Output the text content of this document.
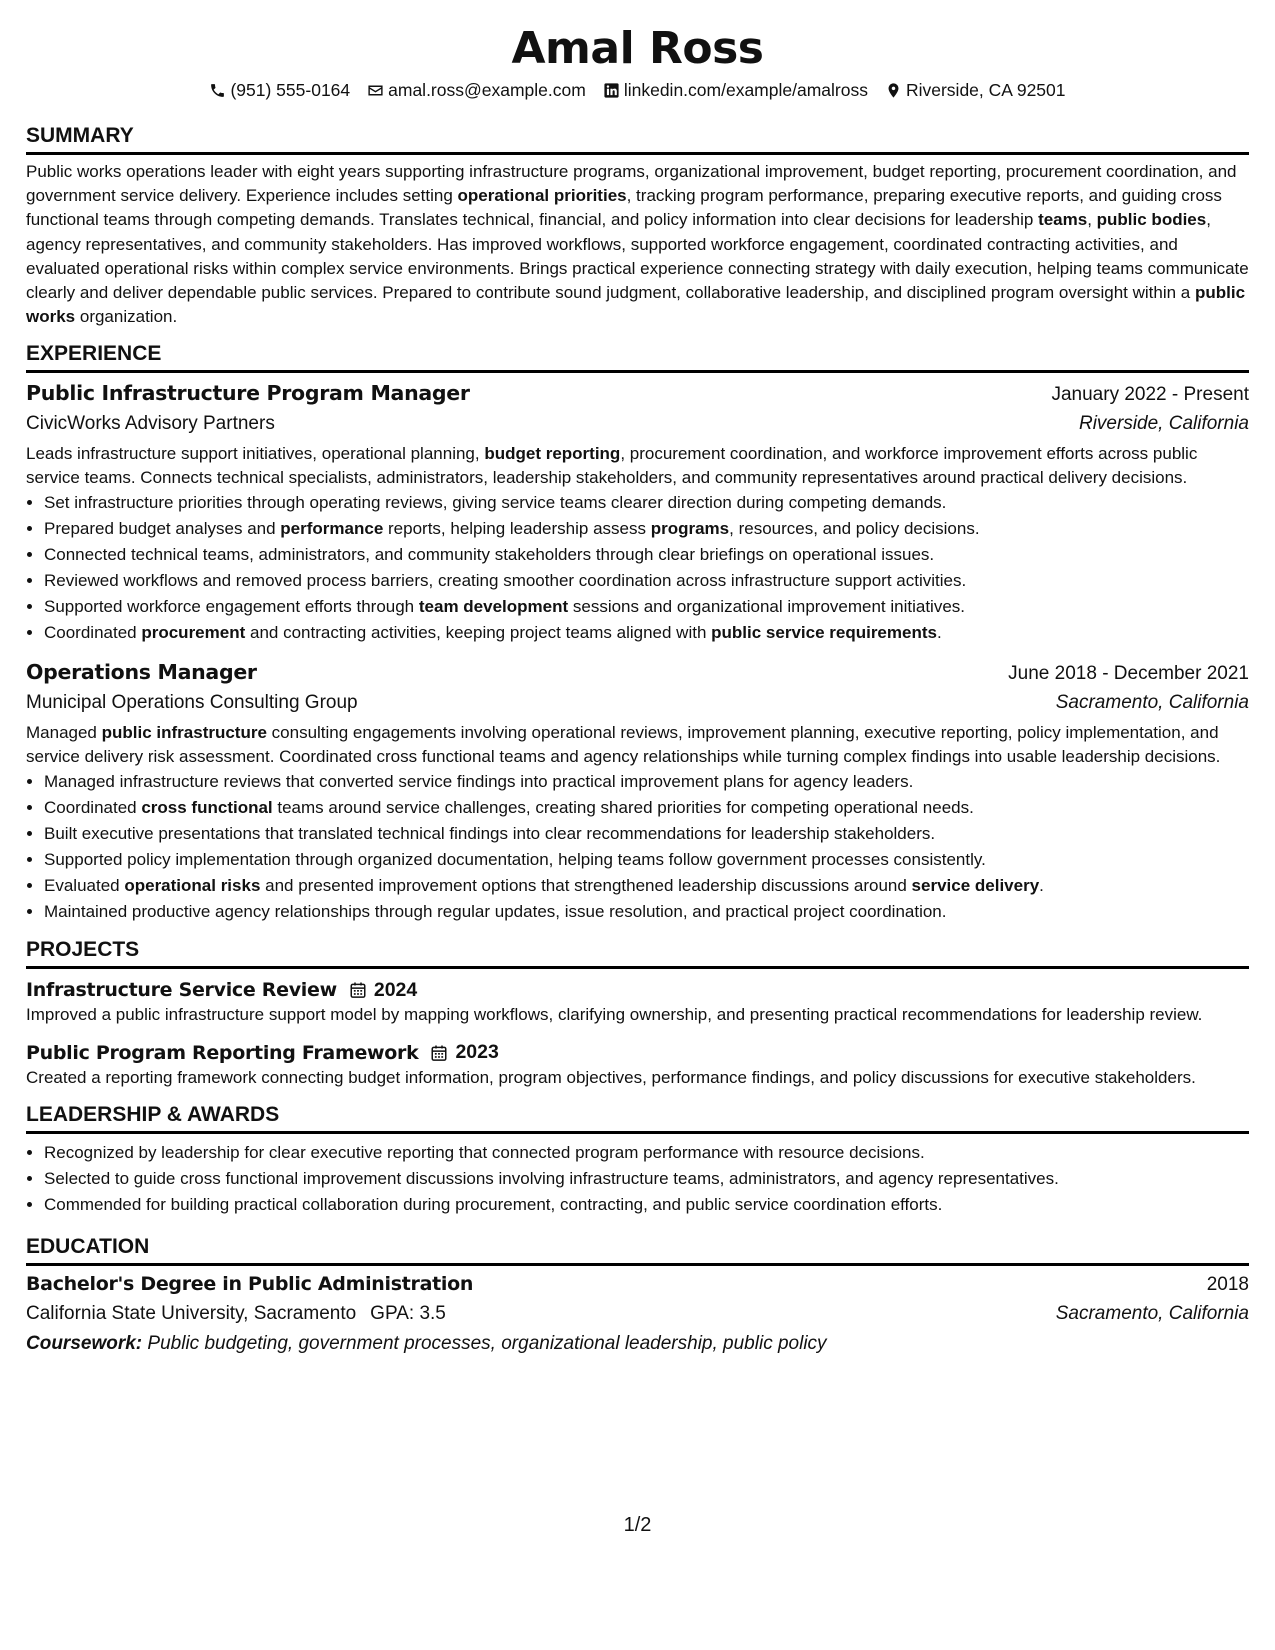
Amal Ross
(951) 555-0164 amal.ross@example.com linkedin.com/example/amalross Riverside, CA 92501
SUMMARY
Public works operations leader with eight years supporting infrastructure programs, organizational improvement, budget reporting, procurement coordination, and government service delivery. Experience includes setting operational priorities, tracking program performance, preparing executive reports, and guiding cross functional teams through competing demands. Translates technical, financial, and policy information into clear decisions for leadership teams, public bodies, agency representatives, and community stakeholders. Has improved workflows, supported workforce engagement, coordinated contracting activities, and evaluated operational risks within complex service environments. Brings practical experience connecting strategy with daily execution, helping teams communicate clearly and deliver dependable public services. Prepared to contribute sound judgment, collaborative leadership, and disciplined program oversight within a public works organization.
EXPERIENCE
Public Infrastructure Program Manager	January 2022 - Present
CivicWorks Advisory Partners	Riverside, California
Leads infrastructure support initiatives, operational planning, budget reporting, procurement coordination, and workforce improvement efforts across public service teams. Connects technical specialists, administrators, leadership stakeholders, and community representatives around practical delivery decisions.
• Set infrastructure priorities through operating reviews, giving service teams clearer direction during competing demands.
• Prepared budget analyses and performance reports, helping leadership assess programs, resources, and policy decisions.
• Connected technical teams, administrators, and community stakeholders through clear briefings on operational issues.
• Reviewed workflows and removed process barriers, creating smoother coordination across infrastructure support activities.
• Supported workforce engagement efforts through team development sessions and organizational improvement initiatives.
• Coordinated procurement and contracting activities, keeping project teams aligned with public service requirements.
Operations Manager	June 2018 - December 2021
Municipal Operations Consulting Group	Sacramento, California
Managed public infrastructure consulting engagements involving operational reviews, improvement planning, executive reporting, policy implementation, and service delivery risk assessment. Coordinated cross functional teams and agency relationships while turning complex findings into usable leadership decisions.
• Managed infrastructure reviews that converted service findings into practical improvement plans for agency leaders.
• Coordinated cross functional teams around service challenges, creating shared priorities for competing operational needs.
• Built executive presentations that translated technical findings into clear recommendations for leadership stakeholders.
• Supported policy implementation through organized documentation, helping teams follow government processes consistently.
• Evaluated operational risks and presented improvement options that strengthened leadership discussions around service delivery.
• Maintained productive agency relationships through regular updates, issue resolution, and practical project coordination.
PROJECTS
Infrastructure Service Review 2024
Improved a public infrastructure support model by mapping workflows, clarifying ownership, and presenting practical recommendations for leadership review.
Public Program Reporting Framework 2023
Created a reporting framework connecting budget information, program objectives, performance findings, and policy discussions for executive stakeholders.
LEADERSHIP & AWARDS
• Recognized by leadership for clear executive reporting that connected program performance with resource decisions.
• Selected to guide cross functional improvement discussions involving infrastructure teams, administrators, and agency representatives.
• Commended for building practical collaboration during procurement, contracting, and public service coordination efforts.
EDUCATION
Bachelor's Degree in Public Administration	2018
California State University, Sacramento GPA: 3.5	Sacramento, California
Coursework: Public budgeting, government processes, organizational leadership, public policy
1/2
